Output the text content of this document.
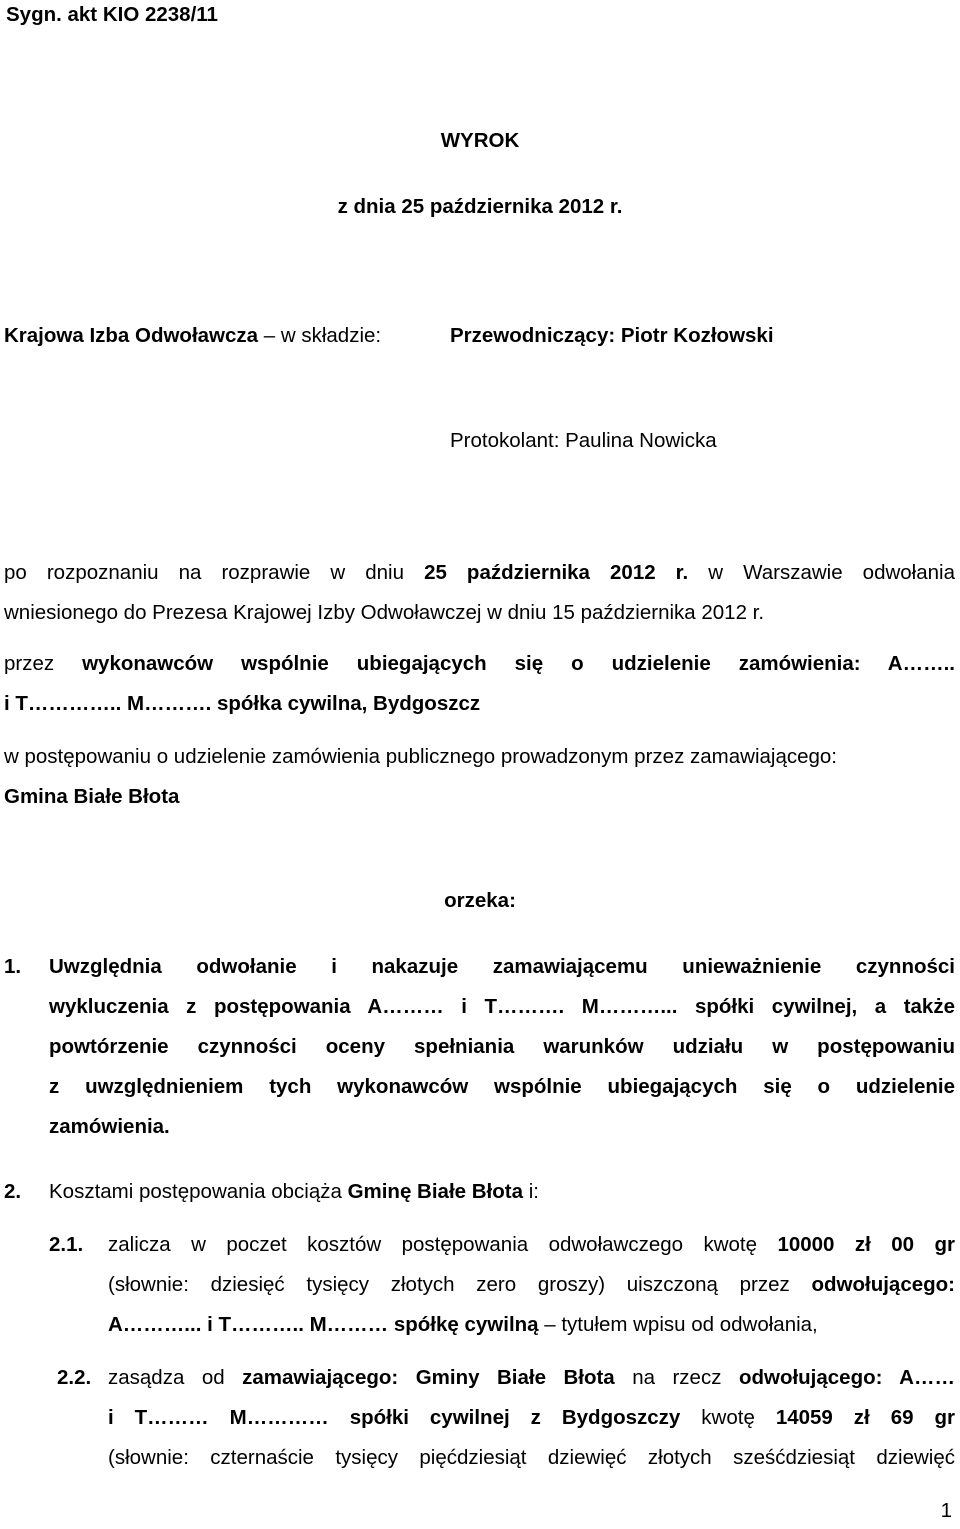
Sygn. akt KIO 2238/11
WYROK
z dnia 25 października 2012 r.
Krajowa Izba Odwoławcza – w składzie:	Przewodniczący: Piotr Kozłowski
Protokolant: Paulina Nowicka
po rozpoznaniu na rozprawie w dniu 25 października 2012 r. w Warszawie odwołania
wniesionego do Prezesa Krajowej Izby Odwoławczej w dniu 15 października 2012 r.
przez wykonawców wspólnie ubiegających się o udzielenie zamówienia: A……..
i T………….. M………. spółka cywilna, Bydgoszcz
w postępowaniu o udzielenie zamówienia publicznego prowadzonym przez zamawiającego:
Gmina Białe Błota
orzeka:
1. Uwzględnia odwołanie i nakazuje zamawiającemu unieważnienie czynności
wykluczenia z postępowania A……… i T………. M………... spółki cywilnej, a także
powtórzenie czynności oceny spełniania warunków udziału w postępowaniu
z uwzględnieniem tych wykonawców wspólnie ubiegających się o udzielenie
zamówienia.
2. Kosztami postępowania obciąża Gminę Białe Błota i:
2.1. zalicza w poczet kosztów postępowania odwoławczego kwotę 10000 zł 00 gr
(słownie: dziesięć tysięcy złotych zero groszy) uiszczoną przez odwołującego:
A………... i T……….. M……… spółkę cywilną – tytułem wpisu od odwołania,
2.2. zasądza od zamawiającego: Gminy Białe Błota na rzecz odwołującego: A……
i T……… M………… spółki cywilnej z Bydgoszczy kwotę 14059 zł 69 gr
(słownie: czternaście tysięcy pięćdziesiąt dziewięć złotych sześćdziesiąt dziewięć
1
